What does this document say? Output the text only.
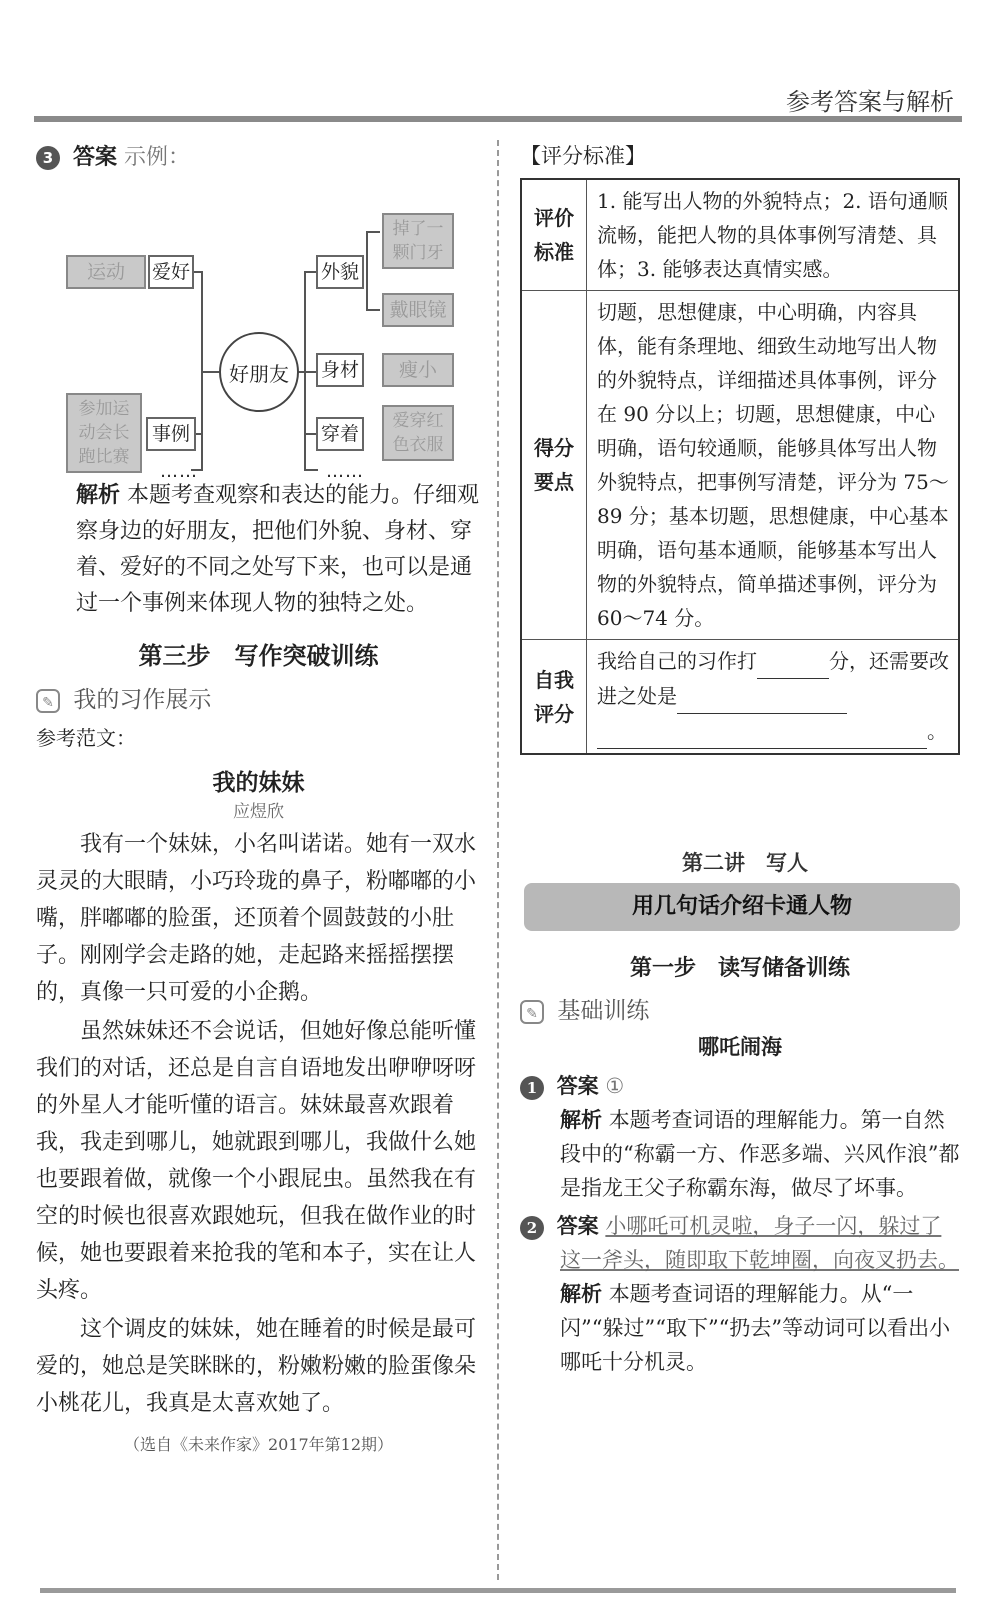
参考答案与解析
3 答案 示例：
运动	爱好
参加运动会长跑比赛
事例
……
好朋友
外貌
掉了一颗门牙
戴眼镜
身材	瘦小
穿着
爱穿红色衣服
……
解析 本题考查观察和表达的能力。仔细观察身边的好朋友，把他们外貌、身材、穿着、爱好的不同之处写下来，也可以是通过一个事例来体现人物的独特之处。
第三步　写作突破训练
✎ 我的习作展示
参考范文：
我的妹妹
应煜欣
我有一个妹妹，小名叫诺诺。她有一双水灵灵的大眼睛，小巧玲珑的鼻子，粉嘟嘟的小嘴，胖嘟嘟的脸蛋，还顶着个圆鼓鼓的小肚子。刚刚学会走路的她，走起路来摇摇摆摆的，真像一只可爱的小企鹅。
虽然妹妹还不会说话，但她好像总能听懂我们的对话，还总是自言自语地发出咿咿呀呀的外星人才能听懂的语言。妹妹最喜欢跟着我，我走到哪儿，她就跟到哪儿，我做什么她也要跟着做，就像一个小跟屁虫。虽然我在有空的时候也很喜欢跟她玩，但我在做作业的时候，她也要跟着来抢我的笔和本子，实在让人头疼。
这个调皮的妹妹，她在睡着的时候是最可爱的，她总是笑眯眯的，粉嫩粉嫩的脸蛋像朵小桃花儿，我真是太喜欢她了。
（选自《未来作家》2017年第12期）
【评分标准】
评价标准	1. 能写出人物的外貌特点；2. 语句通顺流畅，能把人物的具体事例写清楚、具体；3. 能够表达真情实感。

得分要点	切题，思想健康，中心明确，内容具体，能有条理地、细致生动地写出人物的外貌特点，详细描述具体事例，评分在 90 分以上；切题，思想健康，中心明确，语句较通顺，能够具体写出人物外貌特点，把事例写清楚，评分为 75～89 分；基本切题，思想健康，中心基本明确，语句基本通顺，能够基本写出人物的外貌特点，简单描述事例，评分为 60～74 分。

自我评分	我给自己的习作打 分，还需要改进之处是
。
第二讲　写人
用几句话介绍卡通人物
第一步　读写储备训练
✎ 基础训练
哪吒闹海
1 答案 ①
解析 本题考查词语的理解能力。第一自然段中的“称霸一方、作恶多端、兴风作浪”都是指龙王父子称霸东海，做尽了坏事。
2 答案 小哪吒可机灵啦，身子一闪，躲过了这一斧头，随即取下乾坤圈，向夜叉扔去。
解析 本题考查词语的理解能力。从“一闪”“躲过”“取下”“扔去”等动词可以看出小哪吒十分机灵。
